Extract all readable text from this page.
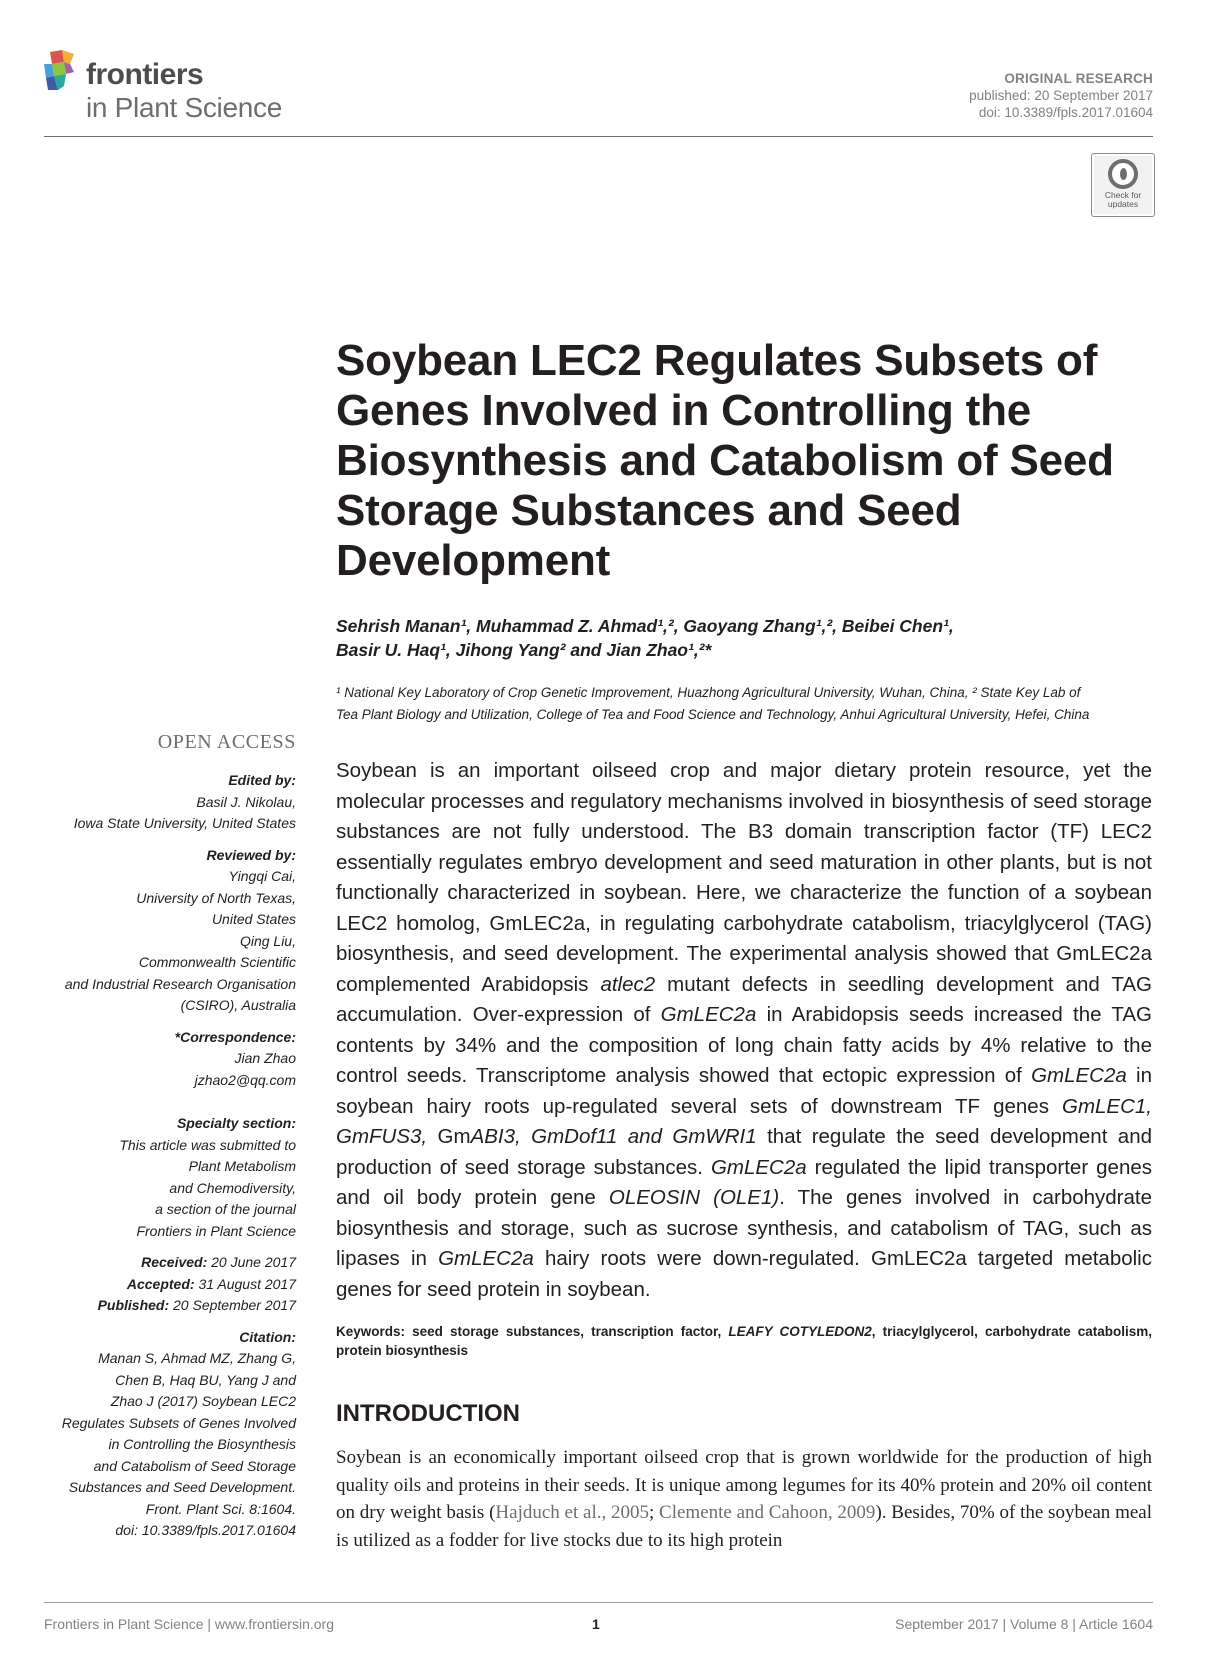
frontiers
in Plant Science
ORIGINAL RESEARCH
published: 20 September 2017
doi: 10.3389/fpls.2017.01604
Check for
updates
Soybean LEC2 Regulates Subsets of
Genes Involved in Controlling the
Biosynthesis and Catabolism of Seed
Storage Substances and Seed
Development
Sehrish Manan¹, Muhammad Z. Ahmad¹,², Gaoyang Zhang¹,², Beibei Chen¹,
Basir U. Haq¹, Jihong Yang² and Jian Zhao¹,²*
¹ National Key Laboratory of Crop Genetic Improvement, Huazhong Agricultural University, Wuhan, China, ² State Key Lab of
Tea Plant Biology and Utilization, College of Tea and Food Science and Technology, Anhui Agricultural University, Hefei, China
OPEN ACCESS
Edited by:
Basil J. Nikolau,
Iowa State University, United States
Reviewed by:
Yingqi Cai,
University of North Texas,
United States
Qing Liu,
Commonwealth Scientific
and Industrial Research Organisation
(CSIRO), Australia
*Correspondence:
Jian Zhao
jzhao2@qq.com
Specialty section:
This article was submitted to
Plant Metabolism
and Chemodiversity,
a section of the journal
Frontiers in Plant Science
Received: 20 June 2017
Accepted: 31 August 2017
Published: 20 September 2017
Citation:
Manan S, Ahmad MZ, Zhang G,
Chen B, Haq BU, Yang J and
Zhao J (2017) Soybean LEC2
Regulates Subsets of Genes Involved
in Controlling the Biosynthesis
and Catabolism of Seed Storage
Substances and Seed Development.
Front. Plant Sci. 8:1604.
doi: 10.3389/fpls.2017.01604
Soybean is an important oilseed crop and major dietary protein resource, yet the molecular processes and regulatory mechanisms involved in biosynthesis of seed storage substances are not fully understood. The B3 domain transcription factor (TF) LEC2 essentially regulates embryo development and seed maturation in other plants, but is not functionally characterized in soybean. Here, we characterize the function of a soybean LEC2 homolog, GmLEC2a, in regulating carbohydrate catabolism, triacylglycerol (TAG) biosynthesis, and seed development. The experimental analysis showed that GmLEC2a complemented Arabidopsis atlec2 mutant defects in seedling development and TAG accumulation. Over-expression of GmLEC2a in Arabidopsis seeds increased the TAG contents by 34% and the composition of long chain fatty acids by 4% relative to the control seeds. Transcriptome analysis showed that ectopic expression of GmLEC2a in soybean hairy roots up-regulated several sets of downstream TF genes GmLEC1, GmFUS3, GmABI3, GmDof11 and GmWRI1 that regulate the seed development and production of seed storage substances. GmLEC2a regulated the lipid transporter genes and oil body protein gene OLEOSIN (OLE1). The genes involved in carbohydrate biosynthesis and storage, such as sucrose synthesis, and catabolism of TAG, such as lipases in GmLEC2a hairy roots were down-regulated. GmLEC2a targeted metabolic genes for seed protein in soybean.
Keywords: seed storage substances, transcription factor, LEAFY COTYLEDON2, triacylglycerol, carbohydrate catabolism, protein biosynthesis
INTRODUCTION
Soybean is an economically important oilseed crop that is grown worldwide for the production of high quality oils and proteins in their seeds. It is unique among legumes for its 40% protein and 20% oil content on dry weight basis (Hajduch et al., 2005; Clemente and Cahoon, 2009). Besides, 70% of the soybean meal is utilized as a fodder for live stocks due to its high protein
Frontiers in Plant Science | www.frontiersin.org	1	September 2017 | Volume 8 | Article 1604
